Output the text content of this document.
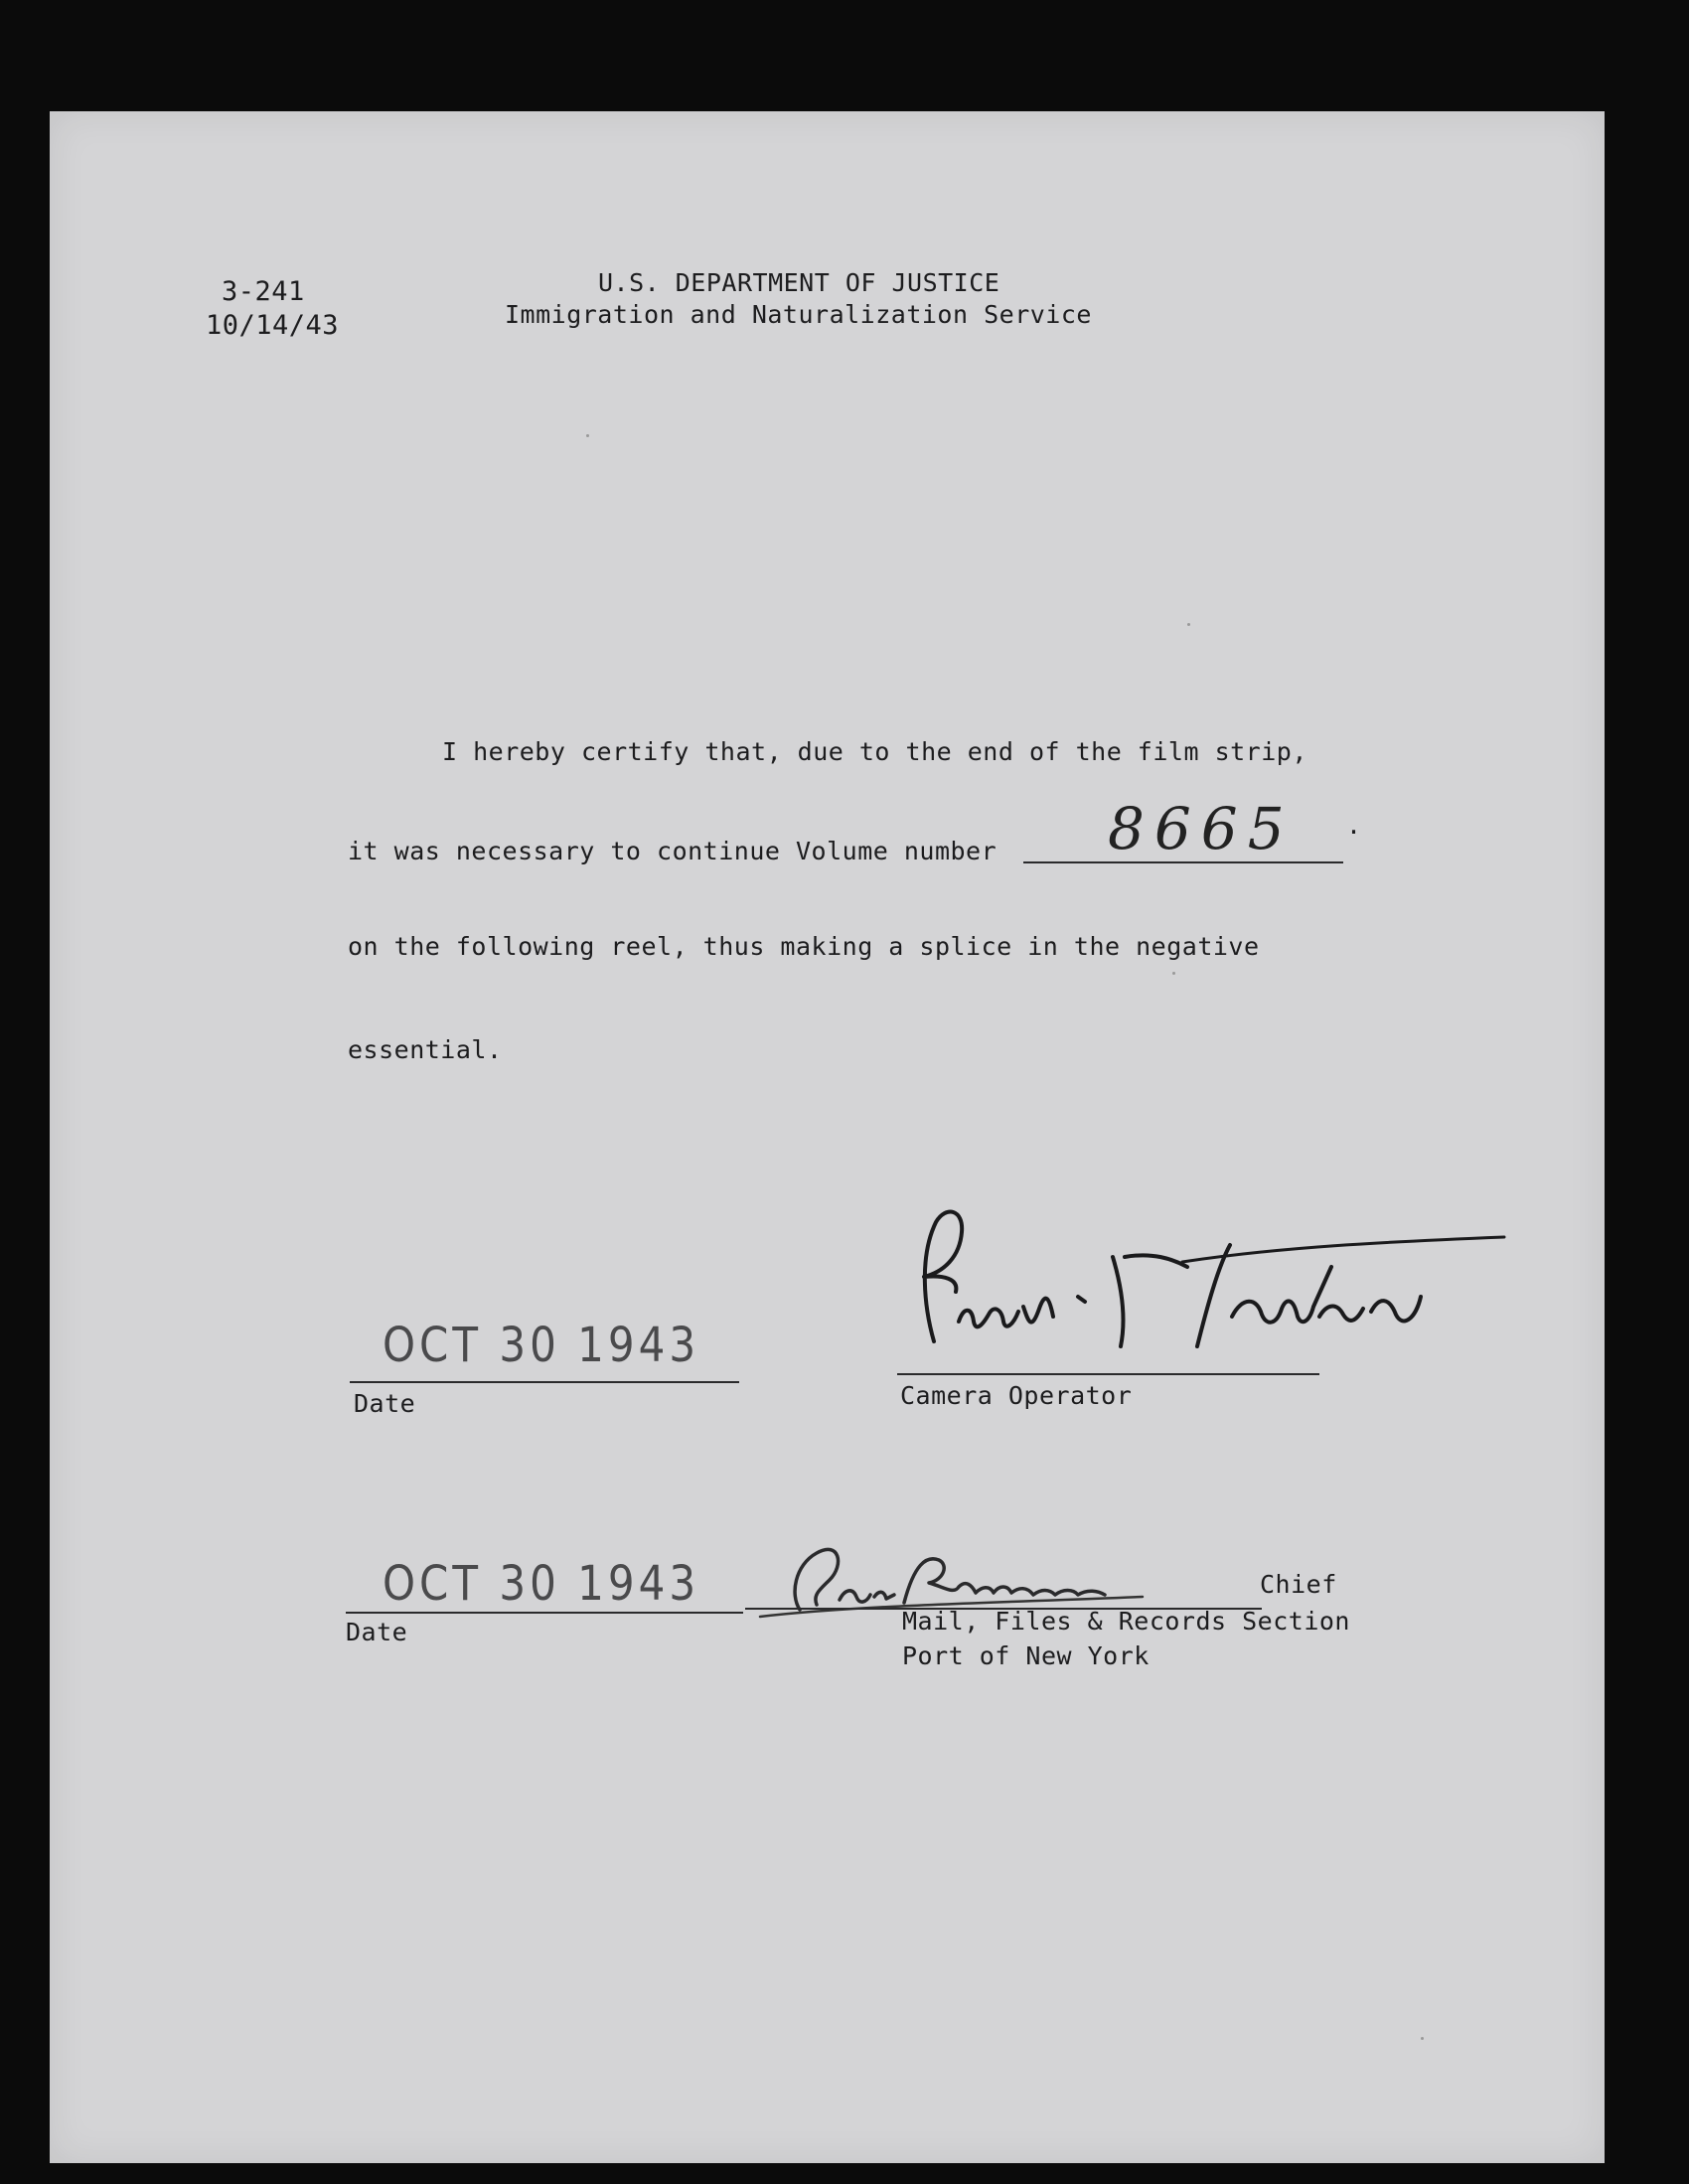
3-241
10/14/43
U.S. DEPARTMENT OF JUSTICE
Immigration and Naturalization Service
I hereby certify that, due to the end of the film strip,
it was necessary to continue Volume number 8665 .
on the following reel, thus making a splice in the negative
essential.
OCT 30 1943
Date	Camera Operator
OCT 30 1943
Date
Chief
Mail, Files & Records Section
Port of New York
